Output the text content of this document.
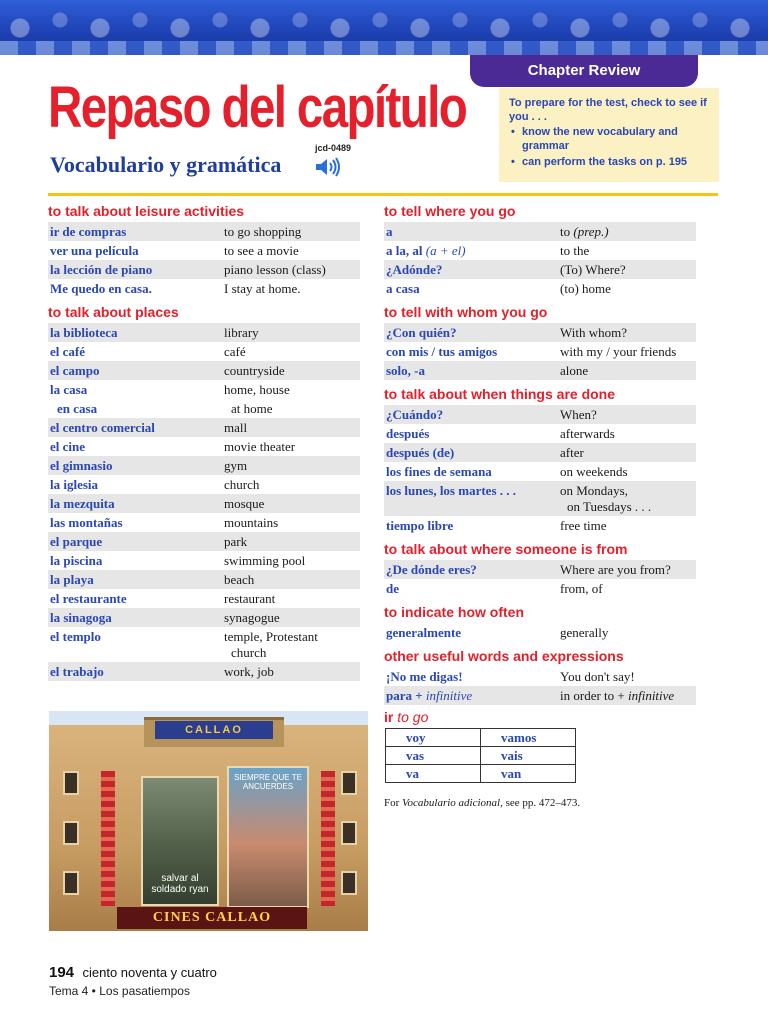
Chapter Review
To prepare for the test, check to see if you . . .
• know the new vocabulary and grammar
• can perform the tasks on p. 195
Repaso del capítulo
Vocabulario y gramática
jcd-0489
to talk about leisure activities
ir de compras	to go shopping
ver una película	to see a movie
la lección de piano	piano lesson (class)
Me quedo en casa.	I stay at home.
to talk about places
la biblioteca	library
el café	café
el campo	countryside
la casa	home, house
en casa	at home
el centro comercial	mall
el cine	movie theater
el gimnasio	gym
la iglesia	church
la mezquita	mosque
las montañas	mountains
el parque	park
la piscina	swimming pool
la playa	beach
el restaurante	restaurant
la sinagoga	synagogue
el templo	temple, Protestant
church
el trabajo	work, job
to tell where you go
a	to (prep.)
a la, al (a + el)	to the
¿Adónde?	(To) Where?
a casa	(to) home
to tell with whom you go
¿Con quién?	With whom?
con mis / tus amigos	with my / your friends
solo, -a	alone
to talk about when things are done
¿Cuándo?	When?
después	afterwards
después (de)	after
los fines de semana	on weekends
los lunes, los martes . . .	on Mondays,
on Tuesdays . . .
tiempo libre	free time
to talk about where someone is from
¿De dónde eres?	Where are you from?
de	from, of
to indicate how often
generalmente	generally
other useful words and expressions
¡No me digas!	You don't say!
para + infinitive	in order to + infinitive
ir to go
voy	vamos
vas	vais
va	van
For Vocabulario adicional, see pp. 472–473.
CALLAO
salvar al soldado ryan
SIEMPRE QUE TE ANCUERDES
CINES CALLAO
194 ciento noventa y cuatro
Tema 4 • Los pasatiempos
